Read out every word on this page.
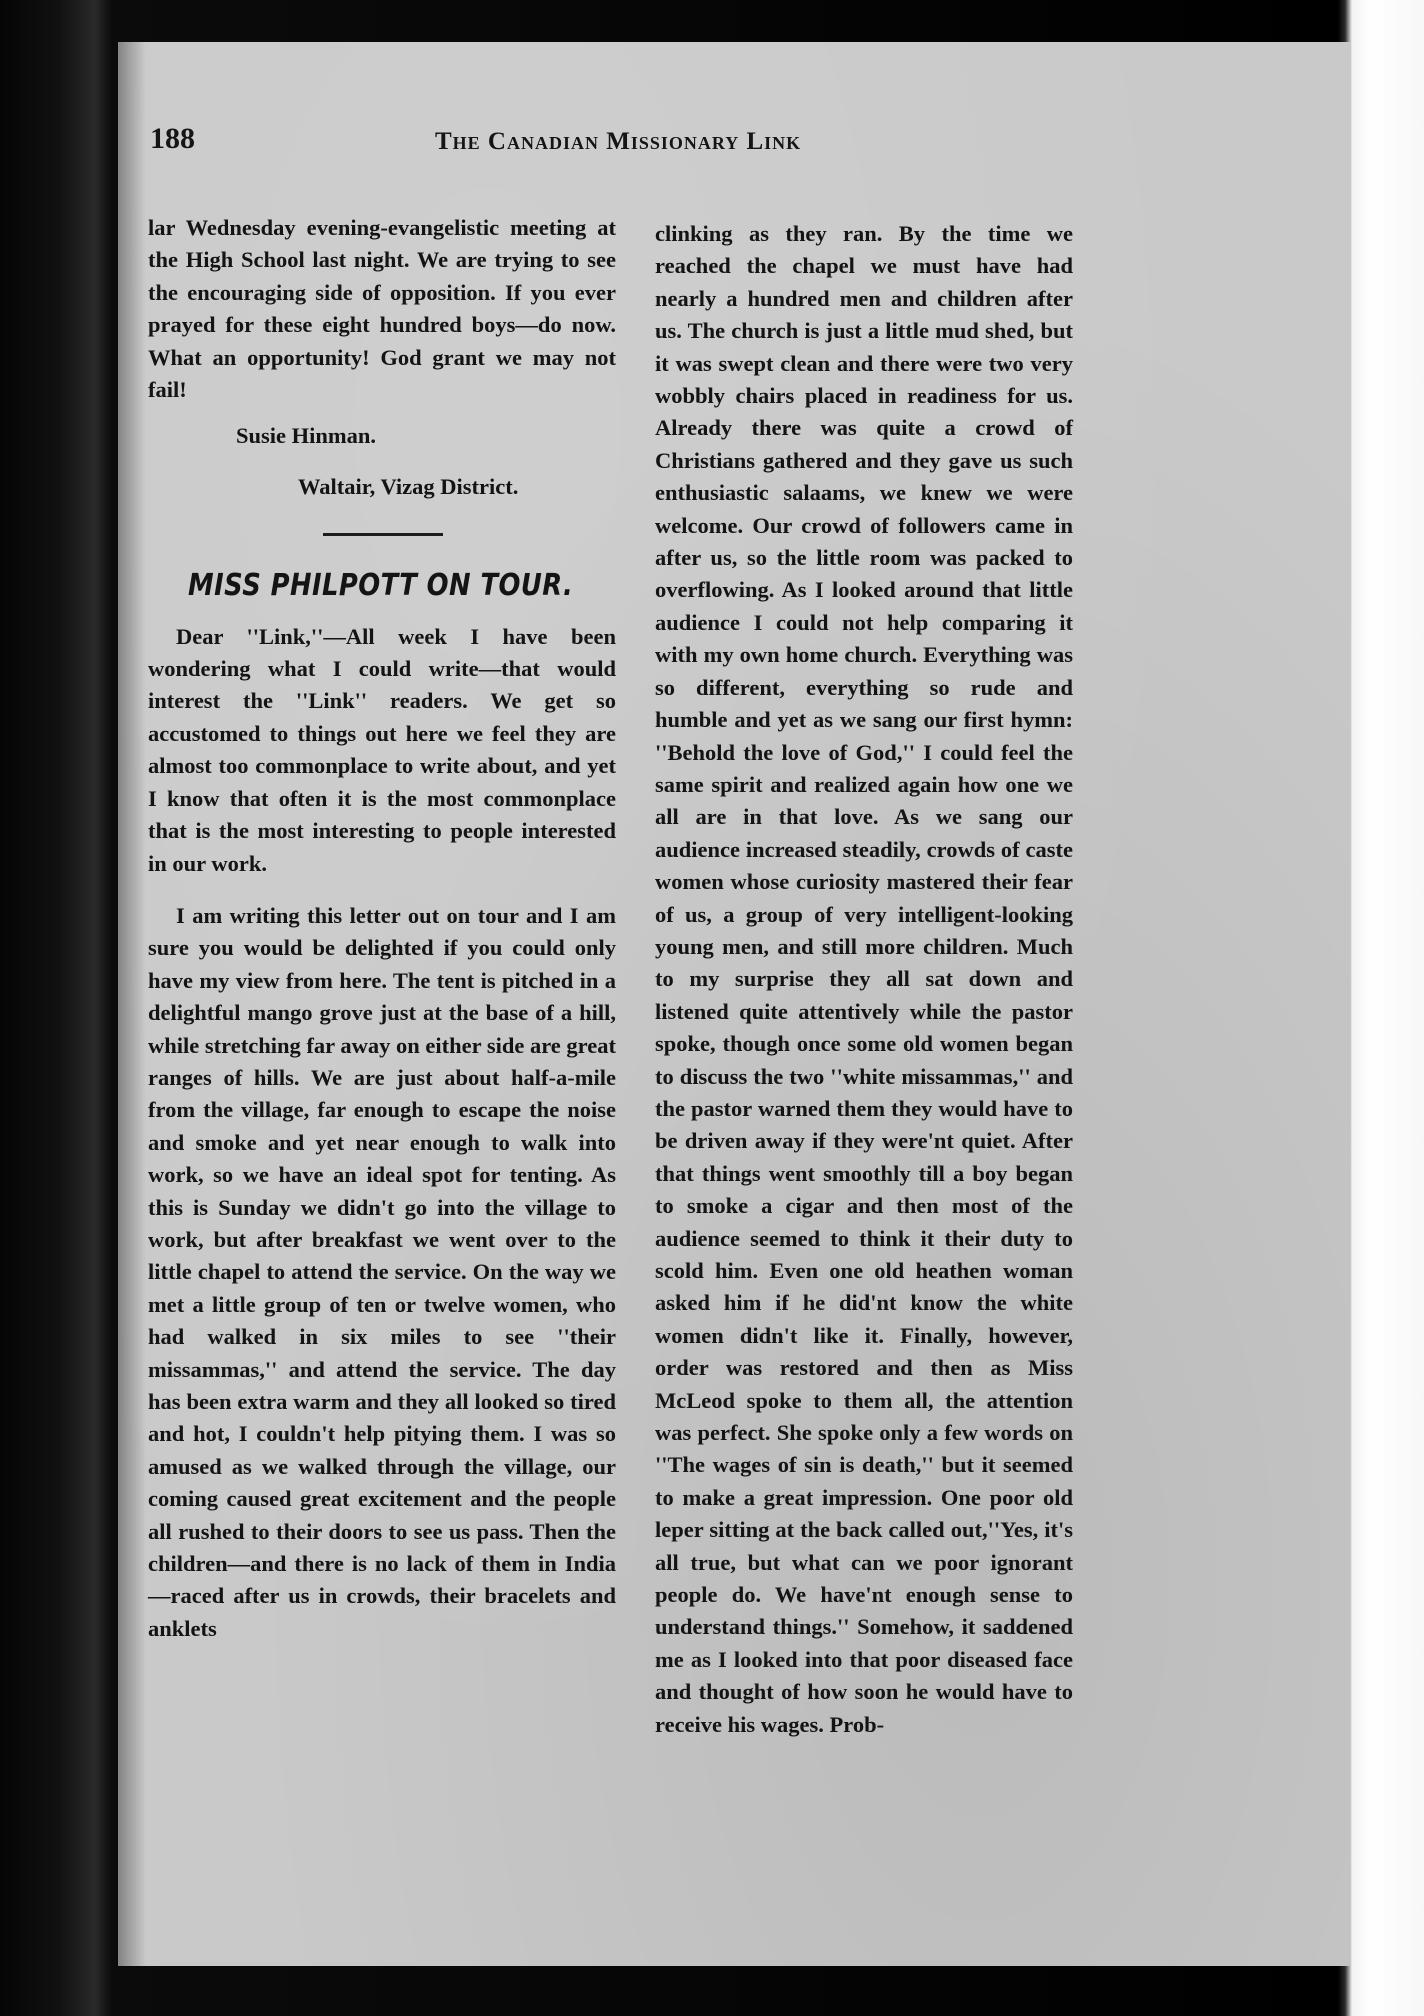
188	The Canadian Missionary Link

lar Wednesday evening-evangelistic meeting at the High School last night. We are trying to see the encouraging side of opposition. If you ever prayed for these eight hundred boys—do now. What an opportunity! God grant we may not fail!

Susie Hinman.
Waltair, Vizag District.
MISS PHILPOTT ON TOUR.

Dear ''Link,''—All week I have been wondering what I could write—that would interest the ''Link'' readers. We get so accustomed to things out here we feel they are almost too commonplace to write about, and yet I know that often it is the most commonplace that is the most interesting to people interested in our work.

I am writing this letter out on tour and I am sure you would be delighted if you could only have my view from here. The tent is pitched in a delightful mango grove just at the base of a hill, while stretching far away on either side are great ranges of hills. We are just about half-a-mile from the village, far enough to escape the noise and smoke and yet near enough to walk into work, so we have an ideal spot for tenting. As this is Sunday we didn't go into the village to work, but after breakfast we went over to the little chapel to attend the service. On the way we met a little group of ten or twelve women, who had walked in six miles to see ''their missammas,'' and attend the service. The day has been extra warm and they all looked so tired and hot, I couldn't help pitying them. I was so amused as we walked through the village, our coming caused great excitement and the people all rushed to their doors to see us pass. Then the children—and there is no lack of them in India—raced after us in crowds, their bracelets and anklets

clinking as they ran. By the time we reached the chapel we must have had nearly a hundred men and children after us. The church is just a little mud shed, but it was swept clean and there were two very wobbly chairs placed in readiness for us. Already there was quite a crowd of Christians gathered and they gave us such enthusiastic salaams, we knew we were welcome. Our crowd of followers came in after us, so the little room was packed to overflowing. As I looked around that little audience I could not help comparing it with my own home church. Everything was so different, everything so rude and humble and yet as we sang our first hymn: ''Behold the love of God,'' I could feel the same spirit and realized again how one we all are in that love. As we sang our audience increased steadily, crowds of caste women whose curiosity mastered their fear of us, a group of very intelligent-looking young men, and still more children. Much to my surprise they all sat down and listened quite attentively while the pastor spoke, though once some old women began to discuss the two ''white missammas,'' and the pastor warned them they would have to be driven away if they were'nt quiet. After that things went smoothly till a boy began to smoke a cigar and then most of the audience seemed to think it their duty to scold him. Even one old heathen woman asked him if he did'nt know the white women didn't like it. Finally, however, order was restored and then as Miss McLeod spoke to them all, the attention was perfect. She spoke only a few words on ''The wages of sin is death,'' but it seemed to make a great impression. One poor old leper sitting at the back called out,''Yes, it's all true, but what can we poor ignorant people do. We have'nt enough sense to understand things.'' Somehow, it saddened me as I looked into that poor diseased face and thought of how soon he would have to receive his wages. Prob-
